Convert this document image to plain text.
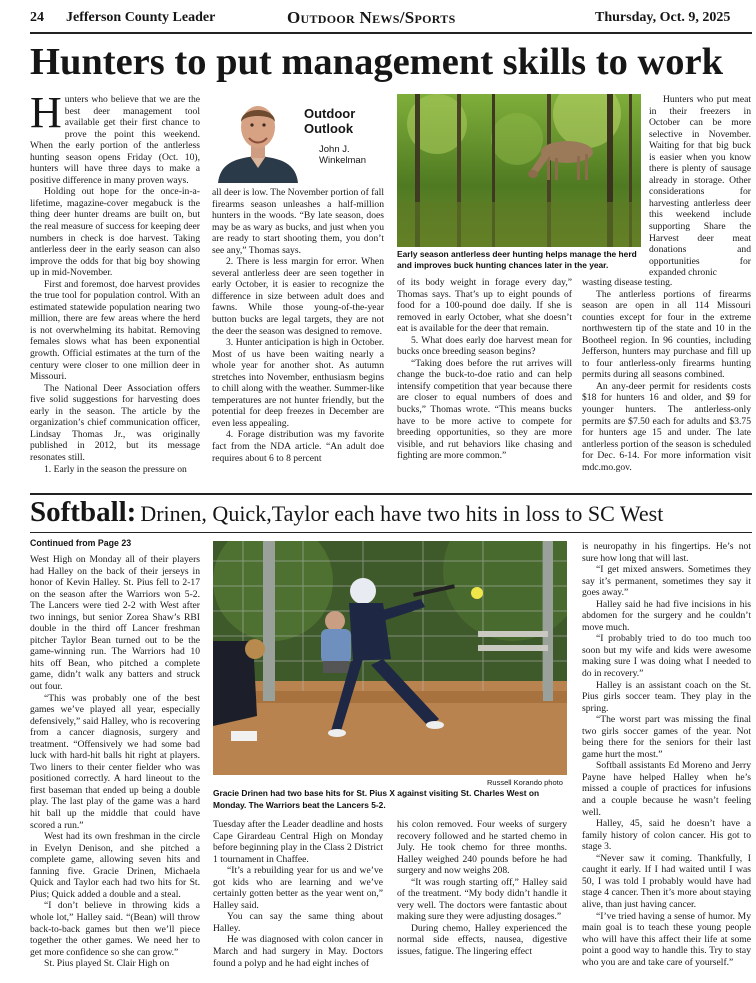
24 Jefferson County Leader	Outdoor News/Sports	Thursday, Oct. 9, 2025
Hunters to put management skills to work

Hunters who believe that we are the best deer management tool available get their first chance to prove the point this weekend. When the early portion of the antlerless hunting season opens Friday (Oct. 10), hunters will have three days to make a positive difference in many proven ways.

Holding out hope for the once-in-a-lifetime, magazine-cover megabuck is the thing deer hunter dreams are built on, but the real measure of success for keeping deer numbers in check is doe harvest. Taking antlerless deer in the early season can also improve the odds for that big boy showing up in mid-November.

First and foremost, doe harvest provides the true tool for population control. With an estimated statewide population nearing two million, there are few areas where the herd is not overwhelming its habitat. Removing females slows what has been exponential growth. Official estimates at the turn of the century were closer to one million deer in Missouri.

The National Deer Association offers five solid suggestions for harvesting does early in the season. The article by the organization’s chief communication officer, Lindsay Thomas Jr., was originally published in 2012, but its message resonates still.

1. Early in the season the pressure on

Outdoor
Outlook
John J.
Winkelman

all deer is low. The November portion of fall firearms season unleashes a half-million hunters in the woods. “By late season, does may be as wary as bucks, and just when you are ready to start shooting them, you don’t see any,” Thomas says.

2. There is less margin for error. When several antlerless deer are seen together in early October, it is easier to recognize the difference in size between adult does and fawns. While those young-of-the-year button bucks are legal targets, they are not the deer the season was designed to remove.

3. Hunter anticipation is high in October. Most of us have been waiting nearly a whole year for another shot. As autumn stretches into November, enthusiasm begins to chill along with the weather. Summer-like temperatures are not hunter friendly, but the potential for deep freezes in December are even less appealing.

4. Forage distribution was my favorite fact from the NDA article. “An adult doe requires about 6 to 8 percent

Early season antlerless deer hunting helps manage the herd and improves buck hunting chances later in the year.

of its body weight in forage every day,” Thomas says. That’s up to eight pounds of food for a 100-pound doe daily. If she is removed in early October, what she doesn’t eat is available for the deer that remain.

5. What does early doe harvest mean for bucks once breeding season begins?

“Taking does before the rut arrives will change the buck-to-doe ratio and can help intensify competition that year because there are closer to equal numbers of does and bucks,” Thomas wrote. “This means bucks have to be more active to compete for breeding opportunities, so they are more visible, and rut behaviors like chasing and fighting are more common.”

Hunters who put meat in their freezers in October can be more selective in November. Waiting for that big buck is easier when you know there is plenty of sausage already in storage. Other considerations for harvesting antlerless deer this weekend include supporting Share the Harvest deer meat donations and opportunities for expanded chronic

wasting disease testing.

The antlerless portions of firearms season are open in all 114 Missouri counties except for four in the extreme northwestern tip of the state and 10 in the Bootheel region. In 96 counties, including Jefferson, hunters may purchase and fill up to four antlerless-only firearms hunting permits during all seasons combined.

An any-deer permit for residents costs $18 for hunters 16 and older, and $9 for younger hunters. The antlerless-only permits are $7.50 each for adults and $3.75 for hunters age 15 and under. The late antlerless portion of the season is scheduled for Dec. 6-14. For more information visit mdc.mo.gov.

Softball: Drinen, Quick,Taylor each have two hits in loss to SC West
Continued from Page 23

West High on Monday all of their players had Halley on the back of their jerseys in honor of Kevin Halley. St. Pius fell to 2-17 on the season after the Warriors won 5-2. The Lancers were tied 2-2 with West after two innings, but senior Zorea Shaw’s RBI double in the third off Lancer freshman pitcher Taylor Bean turned out to be the game-winning run. The Warriors had 10 hits off Bean, who pitched a complete game, didn’t walk any batters and struck out four.

“This was probably one of the best games we’ve played all year, especially defensively,” said Halley, who is recovering from a cancer diagnosis, surgery and treatment. “Offensively we had some bad luck with hard-hit balls hit right at players. Two liners to their center fielder who was positioned correctly. A hard lineout to the first baseman that ended up being a double play. The last play of the game was a hard hit ball up the middle that could have scored a run.”

West had its own freshman in the circle in Evelyn Denison, and she pitched a complete game, allowing seven hits and fanning five. Gracie Drinen, Michaela Quick and Taylor each had two hits for St. Pius; Quick added a double and a steal.

“I don’t believe in throwing kids a whole lot,” Halley said. “(Bean) will throw back-to-back games but then we’ll piece together the other games. We need her to get more confidence so she can grow.”

St. Pius played St. Clair High on

Russell Korando photo
Gracie Drinen had two base hits for St. Pius X against visiting St. Charles West on Monday. The Warriors beat the Lancers 5-2.

Tuesday after the Leader deadline and hosts Cape Girardeau Central High on Monday before beginning play in the Class 2 District 1 tournament in Chaffee.

“It’s a rebuilding year for us and we’ve got kids who are learning and we’ve certainly gotten better as the year went on,” Halley said.

You can say the same thing about Halley.

He was diagnosed with colon cancer in March and had surgery in May. Doctors found a polyp and he had eight inches of

his colon removed. Four weeks of surgery recovery followed and he started chemo in July. He took chemo for three months. Halley weighed 240 pounds before he had surgery and now weighs 208.

“It was rough starting off,” Halley said of the treatment. “My body didn’t handle it very well. The doctors were fantastic about making sure they were adjusting dosages.”

During chemo, Halley experienced the normal side effects, nausea, digestive issues, fatigue. The lingering effect

is neuropathy in his fingertips. He’s not sure how long that will last.

“I get mixed answers. Sometimes they say it’s permanent, sometimes they say it goes away.”

Halley said he had five incisions in his abdomen for the surgery and he couldn’t move much.

“I probably tried to do too much too soon but my wife and kids were awesome making sure I was doing what I needed to do in recovery.”

Halley is an assistant coach on the St. Pius girls soccer team. They play in the spring.

“The worst part was missing the final two girls soccer games of the year. Not being there for the seniors for their last game hurt the most.”

Softball assistants Ed Moreno and Jerry Payne have helped Halley when he’s missed a couple of practices for infusions and a couple because he wasn’t feeling well.

Halley, 45, said he doesn’t have a family history of colon cancer. His got to stage 3.

“Never saw it coming. Thankfully, I caught it early. If I had waited until I was 50, I was told I probably would have had stage 4 cancer. Then it’s more about staying alive, than just having cancer.

“I’ve tried having a sense of humor. My main goal is to teach these young people who will have this affect their life at some point a good way to handle this. Try to stay who you are and take care of yourself.”
